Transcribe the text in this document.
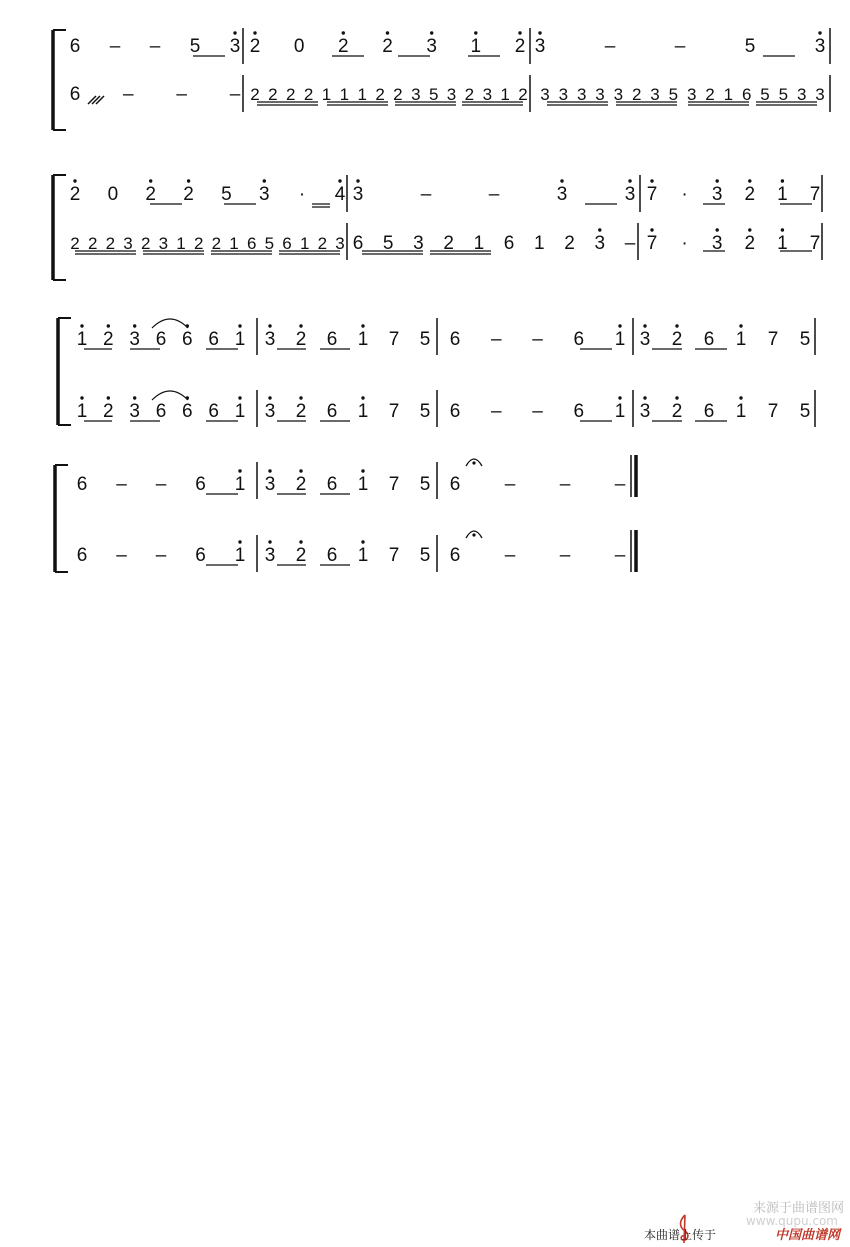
6 – – 5 3 2 0 2 2 3 1 2 3	–	–	5	3
6 – – – 2 2 2 2 1 1 1 2 2 3 5 3 2 3 1 2 3 3 3 3 3 2 3 5 3 2 1 6 5 5 3 3
2 0 2 2 5 3 · 4 3	–	–	3	3 7 · 3 2 1 7
2 2 2 3 2 3 1 2 2 1 6 5 6 1 2 3 6 5 3 2 1 6 1 2 3 – 7 · 3 2 1 7
1 2 3 6 6 6 1 3 2 6 1 7 5 6 – – 6 1 3 2 6 1 7 5
1 2 3 6 6 6 1 3 2 6 1 7 5 6 – – 6 1 3 2 6 1 7 5
6 – – 6 1 3 2 6 1 7 5 6 – – –
6 – – 6 1 3 2 6 1 7 5 6 – – –
来源于曲谱图网
www.qupu.com
本曲谱上传于	中国曲谱网
